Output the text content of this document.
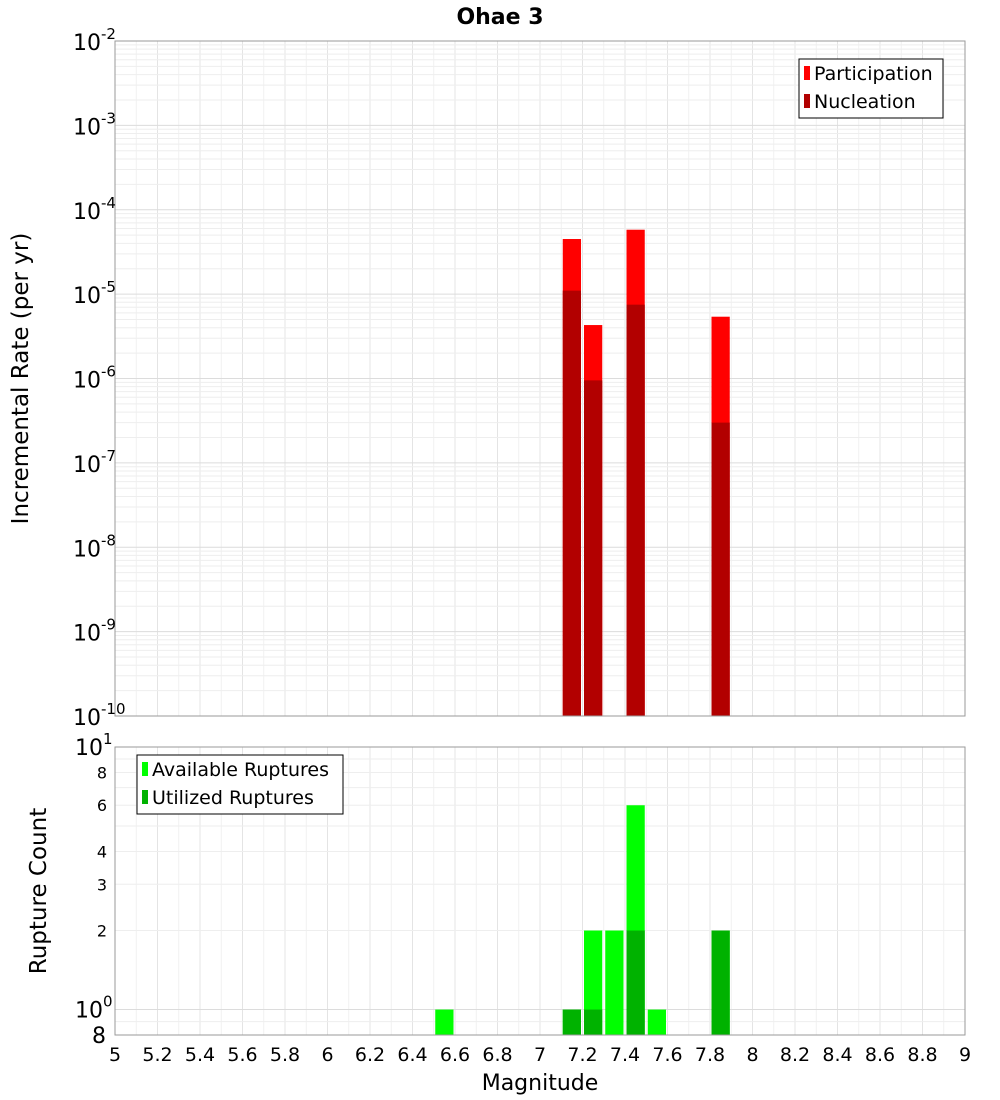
Ohae 3
$10^{-10}$
$10^{-9}$
$10^{-8}$
$10^{-7}$
$10^{-6}$
$10^{-5}$
$10^{-4}$
$10^{-3}$
$10^{-2}$
Incremental Rate (per yr)
Participation
Nucleation
$10^1$
8
6
4
3
2
$10^0$
8
Rupture Count
Available Ruptures
Utilized Ruptures
5 5.2 5.4 5.6 5.8 6 6.2 6.4 6.6 6.8 7 7.2 7.4 7.6 7.8 8 8.2 8.4 8.6 8.8 9
Magnitude
